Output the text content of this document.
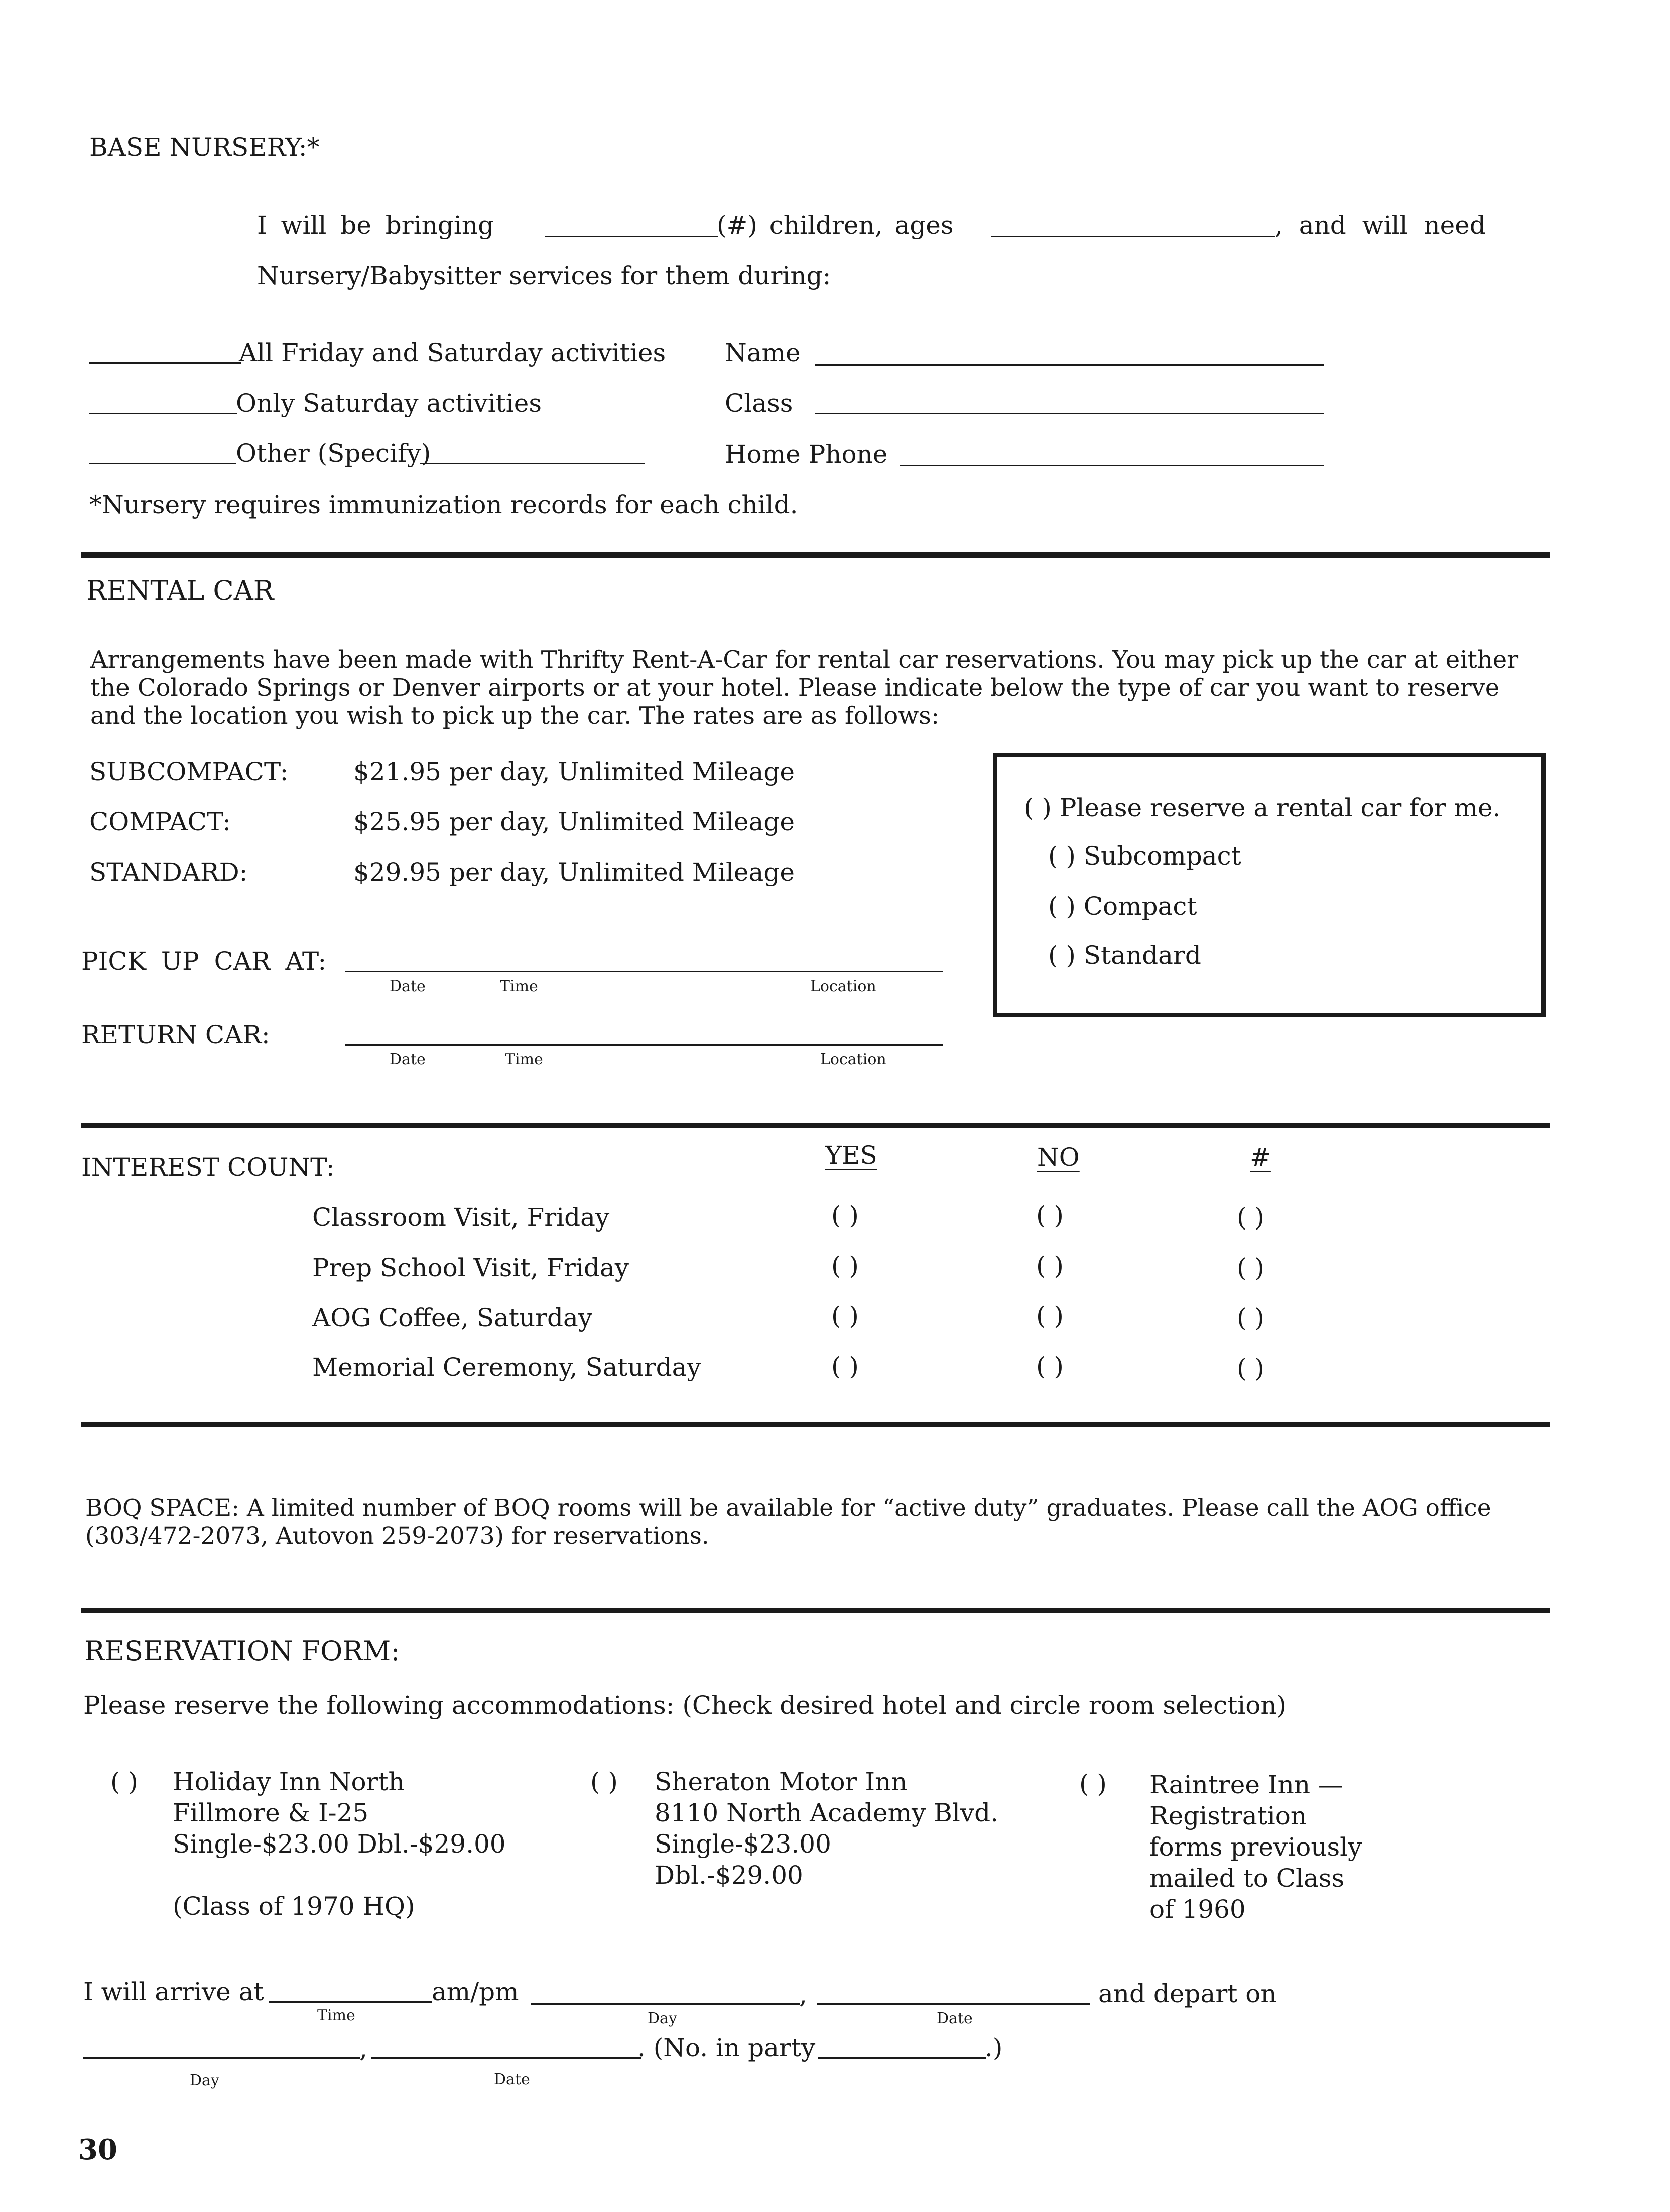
BASE NURSERY:*
I will be bringing	(#) children, ages	, and will need
Nursery/Babysitter services for them during:
All Friday and Saturday activities
Only Saturday activities
Other (Specify)
Name
Class
Home Phone
*Nursery requires immunization records for each child.
RENTAL CAR
Arrangements have been made with Thrifty Rent-A-Car for rental car reservations. You may pick up the car at either the Colorado Springs or Denver airports or at your hotel. Please indicate below the type of car you want to reserve and the location you wish to pick up the car. The rates are as follows:
SUBCOMPACT:	$21.95 per day, Unlimited Mileage
COMPACT:	$25.95 per day, Unlimited Mileage
STANDARD:	$29.95 per day, Unlimited Mileage
PICK UP CAR AT:
Date	Time	Location
RETURN CAR:
Date	Time	Location
( ) Please reserve a rental car for me.
( ) Subcompact
( ) Compact
( ) Standard
INTEREST COUNT:	YES	NO	#
Classroom Visit, Friday	( )	( )	( )
Prep School Visit, Friday	( )	( )	( )
AOG Coffee, Saturday	( )	( )	( )
Memorial Ceremony, Saturday	( )	( )	( )
BOQ SPACE: A limited number of BOQ rooms will be available for “active duty” graduates. Please call the AOG office
(303/472-2073, Autovon 259-2073) for reservations.
RESERVATION FORM:
Please reserve the following accommodations: (Check desired hotel and circle room selection)
( ) Holiday Inn North
Fillmore & I-25
Single-$23.00 Dbl.-$29.00

(Class of 1970 HQ)
( ) Sheraton Motor Inn
8110 North Academy Blvd.
Single-$23.00
Dbl.-$29.00
( ) Raintree Inn —
Registration
forms previously
mailed to Class
of 1960
I will arrive at
Time
am/pm	,
Day	Date
and depart on
,
Day	Date
. (No. in party	.)
30
